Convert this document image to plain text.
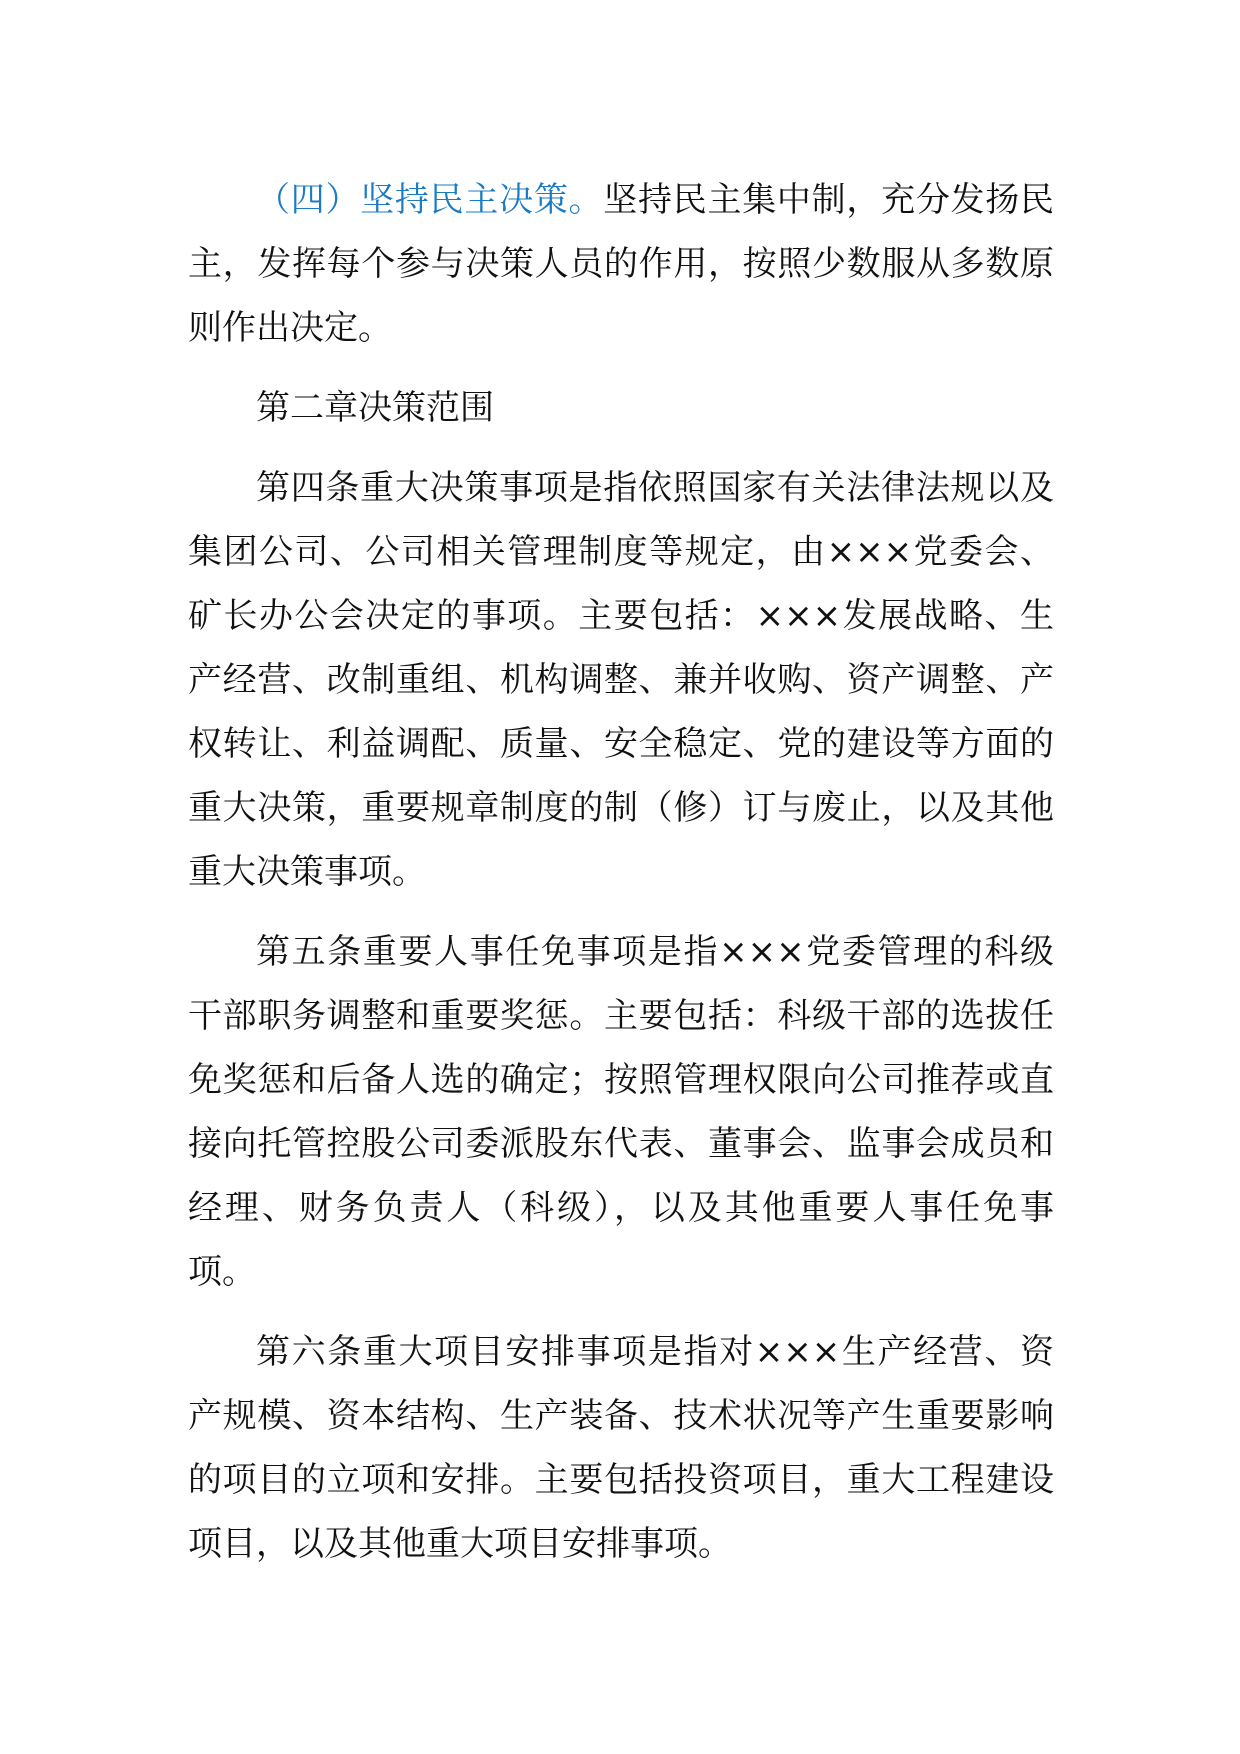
（四）坚持民主决策。坚持民主集中制，充分发扬民主，发挥每个参与决策人员的作用，按照少数服从多数原则作出决定。

第二章决策范围

第四条重大决策事项是指依照国家有关法律法规以及集团公司、公司相关管理制度等规定，由×××党委会、矿长办公会决定的事项。主要包括：×××发展战略、生产经营、改制重组、机构调整、兼并收购、资产调整、产权转让、利益调配、质量、安全稳定、党的建设等方面的重大决策，重要规章制度的制（修）订与废止，以及其他重大决策事项。

第五条重要人事任免事项是指×××党委管理的科级干部职务调整和重要奖惩。主要包括：科级干部的选拔任免奖惩和后备人选的确定；按照管理权限向公司推荐或直接向托管控股公司委派股东代表、董事会、监事会成员和经理、财务负责人（科级），以及其他重要人事任免事项。

第六条重大项目安排事项是指对×××生产经营、资产规模、资本结构、生产装备、技术状况等产生重要影响的项目的立项和安排。主要包括投资项目，重大工程建设项目，以及其他重大项目安排事项。
